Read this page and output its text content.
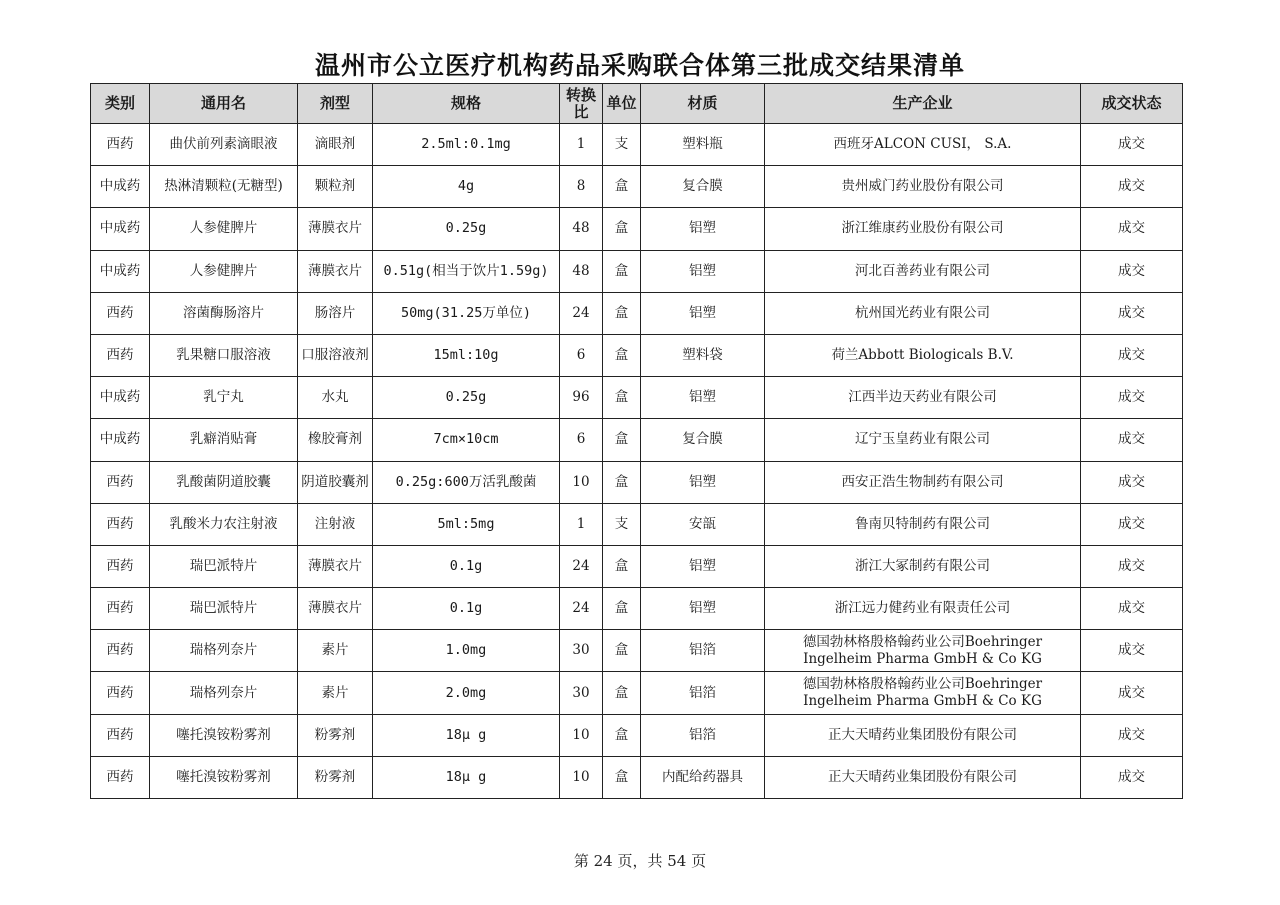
温州市公立医疗机构药品采购联合体第三批成交结果清单
类别	通用名	剂型	规格	转换比	单位	材质	生产企业	成交状态
西药	曲伏前列素滴眼液	滴眼剂	2.5ml:0.1mg	1	支	塑料瓶	西班牙ALCON CUSI， S.A.	成交
中成药	热淋清颗粒(无糖型)	颗粒剂	4g	8	盒	复合膜	贵州威门药业股份有限公司	成交
中成药	人参健脾片	薄膜衣片	0.25g	48	盒	铝塑	浙江维康药业股份有限公司	成交
中成药	人参健脾片	薄膜衣片	0.51g(相当于饮片1.59g)	48	盒	铝塑	河北百善药业有限公司	成交
西药	溶菌酶肠溶片	肠溶片	50mg(31.25万单位)	24	盒	铝塑	杭州国光药业有限公司	成交
西药	乳果糖口服溶液	口服溶液剂	15ml:10g	6	盒	塑料袋	荷兰Abbott Biologicals B.V.	成交
中成药	乳宁丸	水丸	0.25g	96	盒	铝塑	江西半边天药业有限公司	成交
中成药	乳癖消贴膏	橡胶膏剂	7cm×10cm	6	盒	复合膜	辽宁玉皇药业有限公司	成交
西药	乳酸菌阴道胶囊	阴道胶囊剂	0.25g:600万活乳酸菌	10	盒	铝塑	西安正浩生物制药有限公司	成交
西药	乳酸米力农注射液	注射液	5ml:5mg	1	支	安瓿	鲁南贝特制药有限公司	成交
西药	瑞巴派特片	薄膜衣片	0.1g	24	盒	铝塑	浙江大冢制药有限公司	成交
西药	瑞巴派特片	薄膜衣片	0.1g	24	盒	铝塑	浙江远力健药业有限责任公司	成交
西药	瑞格列奈片	素片	1.0mg	30	盒	铝箔	德国勃林格殷格翰药业公司Boehringer Ingelheim Pharma GmbH & Co KG	成交
西药	瑞格列奈片	素片	2.0mg	30	盒	铝箔	德国勃林格殷格翰药业公司Boehringer Ingelheim Pharma GmbH & Co KG	成交
西药	噻托溴铵粉雾剂	粉雾剂	18μ g	10	盒	铝箔	正大天晴药业集团股份有限公司	成交
西药	噻托溴铵粉雾剂	粉雾剂	18μ g	10	盒	内配给药器具	正大天晴药业集团股份有限公司	成交
第 24 页，共 54 页
